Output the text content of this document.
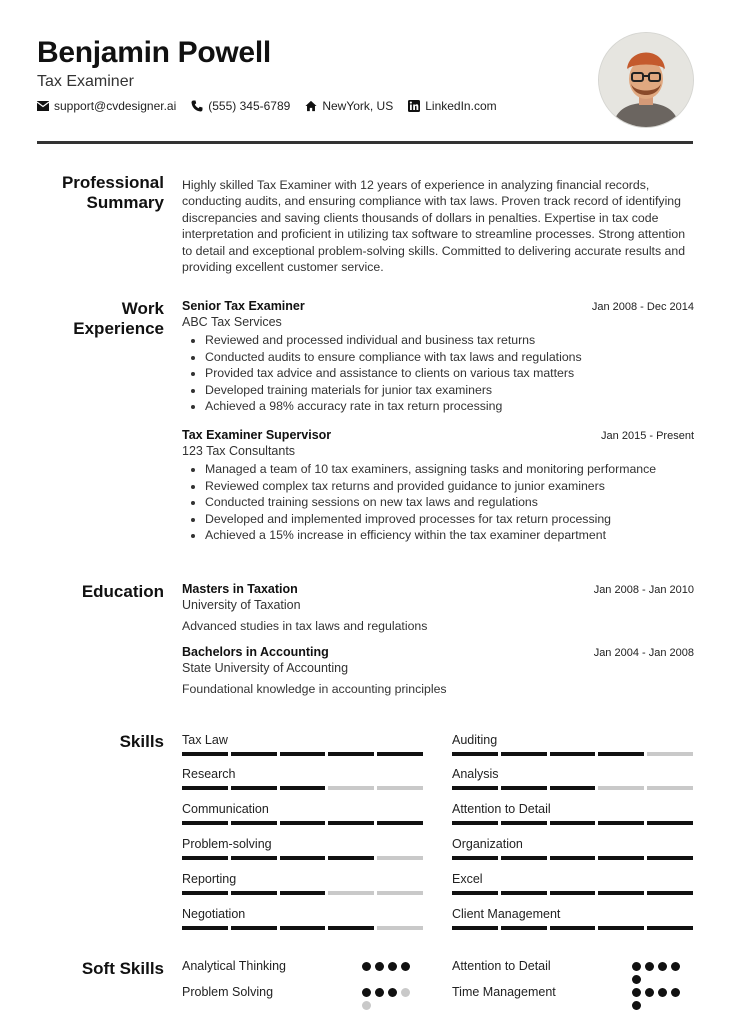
Benjamin Powell
Tax Examiner
support@cvdesigner.ai	(555) 345-6789	NewYork, US	LinkedIn.com
Professional
Summary
Highly skilled Tax Examiner with 12 years of experience in analyzing financial records, conducting audits, and ensuring compliance with tax laws. Proven track record of identifying discrepancies and saving clients thousands of dollars in penalties. Expertise in tax code interpretation and proficient in utilizing tax software to streamline processes. Strong attention to detail and exceptional problem-solving skills. Committed to delivering accurate results and providing excellent customer service.
Work
Experience
Senior Tax Examiner	Jan 2008 - Dec 2014
ABC Tax Services
• Reviewed and processed individual and business tax returns
• Conducted audits to ensure compliance with tax laws and regulations
• Provided tax advice and assistance to clients on various tax matters
• Developed training materials for junior tax examiners
• Achieved a 98% accuracy rate in tax return processing
Tax Examiner Supervisor	Jan 2015 - Present
123 Tax Consultants
• Managed a team of 10 tax examiners, assigning tasks and monitoring performance
• Reviewed complex tax returns and provided guidance to junior examiners
• Conducted training sessions on new tax laws and regulations
• Developed and implemented improved processes for tax return processing
• Achieved a 15% increase in efficiency within the tax examiner department
Education Masters in Taxation	Jan 2008 - Jan 2010
University of Taxation
Advanced studies in tax laws and regulations
Bachelors in Accounting	Jan 2004 - Jan 2008
State University of Accounting
Foundational knowledge in accounting principles
Skills Tax Law	Auditing
Research	Analysis
Communication	Attention to Detail
Problem-solving	Organization
Reporting	Excel
Negotiation	Client Management
Soft Skills Analytical Thinking	Attention to Detail
Problem Solving	Time Management
